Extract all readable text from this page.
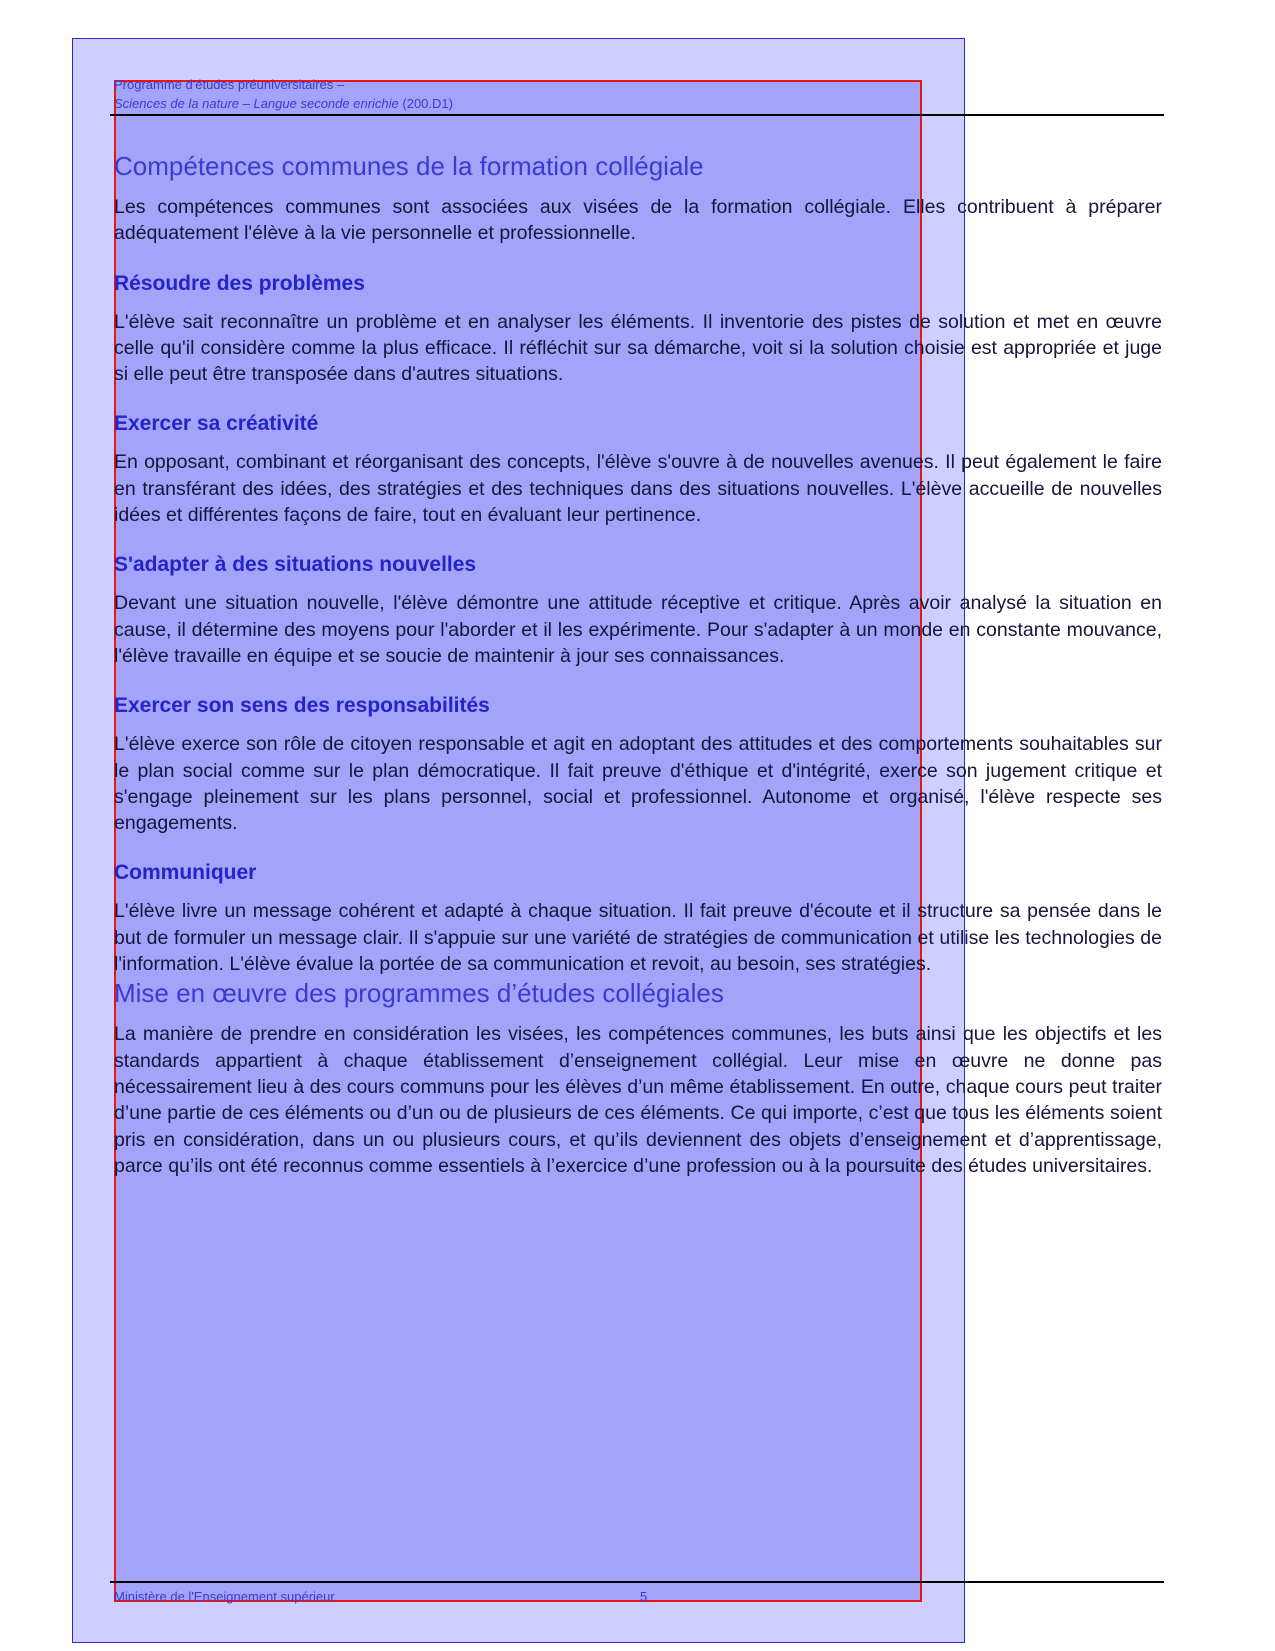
Programme d'études préuniversitaires –
Sciences de la nature – Langue seconde enrichie (200.D1)
Compétences communes de la formation collégiale

Les compétences communes sont associées aux visées de la formation collégiale. Elles contribuent à préparer adéquatement l'élève à la vie personnelle et professionnelle.

Résoudre des problèmes

L'élève sait reconnaître un problème et en analyser les éléments. Il inventorie des pistes de solution et met en œuvre celle qu'il considère comme la plus efficace. Il réfléchit sur sa démarche, voit si la solution choisie est appropriée et juge si elle peut être transposée dans d'autres situations.

Exercer sa créativité

En opposant, combinant et réorganisant des concepts, l'élève s'ouvre à de nouvelles avenues. Il peut également le faire en transférant des idées, des stratégies et des techniques dans des situations nouvelles. L'élève accueille de nouvelles idées et différentes façons de faire, tout en évaluant leur pertinence.

S'adapter à des situations nouvelles

Devant une situation nouvelle, l'élève démontre une attitude réceptive et critique. Après avoir analysé la situation en cause, il détermine des moyens pour l'aborder et il les expérimente. Pour s'adapter à un monde en constante mouvance, l'élève travaille en équipe et se soucie de maintenir à jour ses connaissances.

Exercer son sens des responsabilités

L'élève exerce son rôle de citoyen responsable et agit en adoptant des attitudes et des comportements souhaitables sur le plan social comme sur le plan démocratique. Il fait preuve d'éthique et d'intégrité, exerce son jugement critique et s'engage pleinement sur les plans personnel, social et professionnel. Autonome et organisé, l'élève respecte ses engagements.

Communiquer

L'élève livre un message cohérent et adapté à chaque situation. Il fait preuve d'écoute et il structure sa pensée dans le but de formuler un message clair. Il s'appuie sur une variété de stratégies de communication et utilise les technologies de l'information. L'élève évalue la portée de sa communication et revoit, au besoin, ses stratégies.

Mise en œuvre des programmes d’études collégiales

La manière de prendre en considération les visées, les compétences communes, les buts ainsi que les objectifs et les standards appartient à chaque établissement d’enseignement collégial. Leur mise en œuvre ne donne pas nécessairement lieu à des cours communs pour les élèves d’un même établissement. En outre, chaque cours peut traiter d’une partie de ces éléments ou d’un ou de plusieurs de ces éléments. Ce qui importe, c’est que tous les éléments soient pris en considération, dans un ou plusieurs cours, et qu’ils deviennent des objets d’enseignement et d’apprentissage, parce qu’ils ont été reconnus comme essentiels à l’exercice d’une profession ou à la poursuite des études universitaires.

Ministère de l'Enseignement supérieur	5
